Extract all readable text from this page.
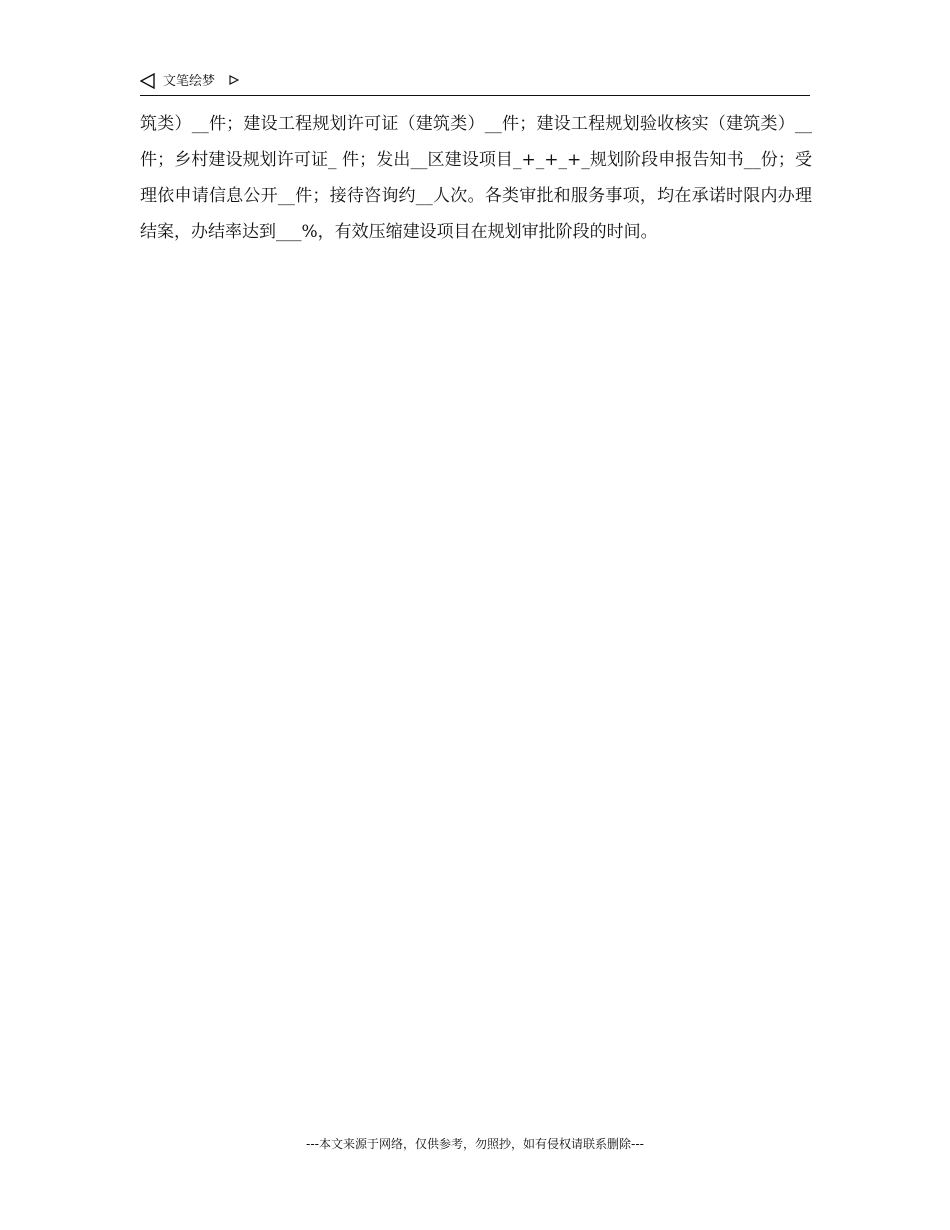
文笔绘梦

筑类）__件；建设工程规划许可证（建筑类）__件；建设工程规划验收核实（建筑类）__件；乡村建设规划许可证_ 件；发出__区建设项目_+_+_+_规划阶段申报告知书__份；受理依申请信息公开__件；接待咨询约__人次。各类审批和服务事项，均在承诺时限内办理结案，办结率达到___%，有效压缩建设项目在规划审批阶段的时间。

---本文来源于网络，仅供参考，勿照抄，如有侵权请联系删除---
